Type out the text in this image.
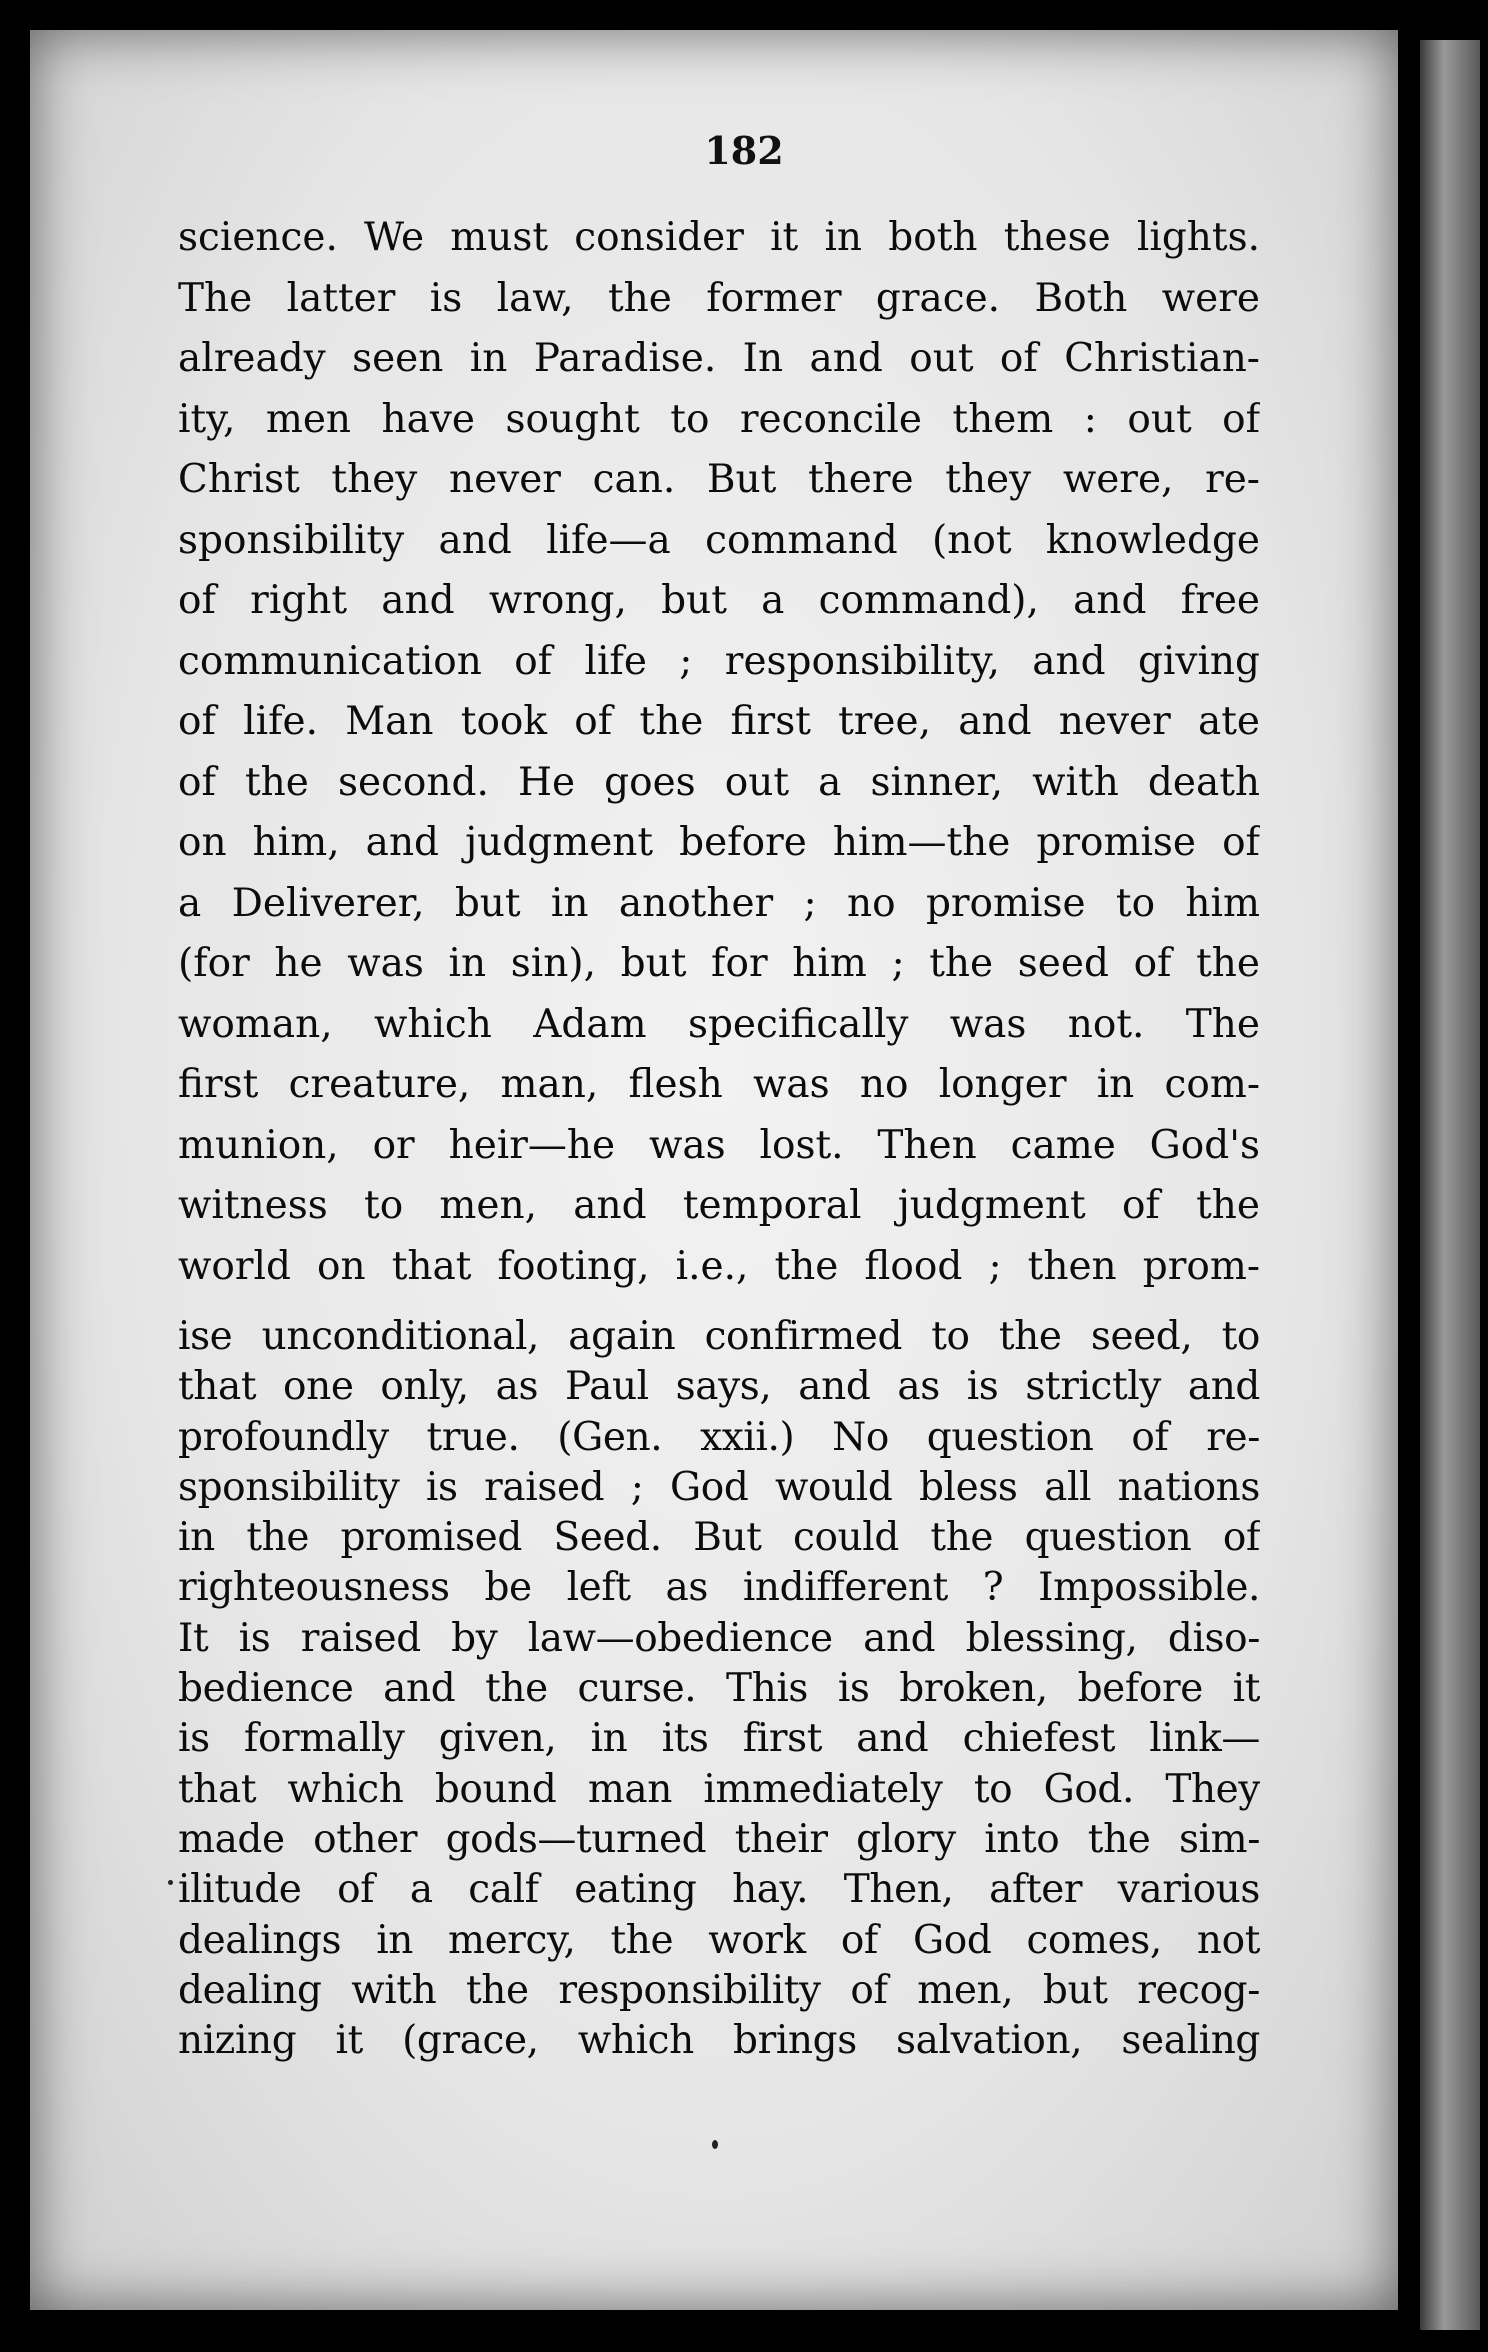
182

science. We must consider it in both these lights.
The latter is law, the former grace. Both were
already seen in Paradise. In and out of Christian-
ity, men have sought to reconcile them : out of
Christ they never can. But there they were, re-
sponsibility and life—a command (not knowledge
of right and wrong, but a command), and free
communication of life ; responsibility, and giving
of life. Man took of the first tree, and never ate
of the second. He goes out a sinner, with death
on him, and judgment before him—the promise of
a Deliverer, but in another ; no promise to him
(for he was in sin), but for him ; the seed of the
woman, which Adam specifically was not. The
first creature, man, flesh was no longer in com-
munion, or heir—he was lost. Then came God's
witness to men, and temporal judgment of the
world on that footing, i.e., the flood ; then prom-
ise unconditional, again confirmed to the seed, to
that one only, as Paul says, and as is strictly and
profoundly true. (Gen. xxii.) No question of re-
sponsibility is raised ; God would bless all nations
in the promised Seed. But could the question of
righteousness be left as indifferent ? Impossible.
It is raised by law—obedience and blessing, diso-
bedience and the curse. This is broken, before it
is formally given, in its first and chiefest link—
that which bound man immediately to God. They
made other gods—turned their glory into the sim-
ilitude of a calf eating hay. Then, after various
dealings in mercy, the work of God comes, not
dealing with the responsibility of men, but recog-
nizing it (grace, which brings salvation, sealing
